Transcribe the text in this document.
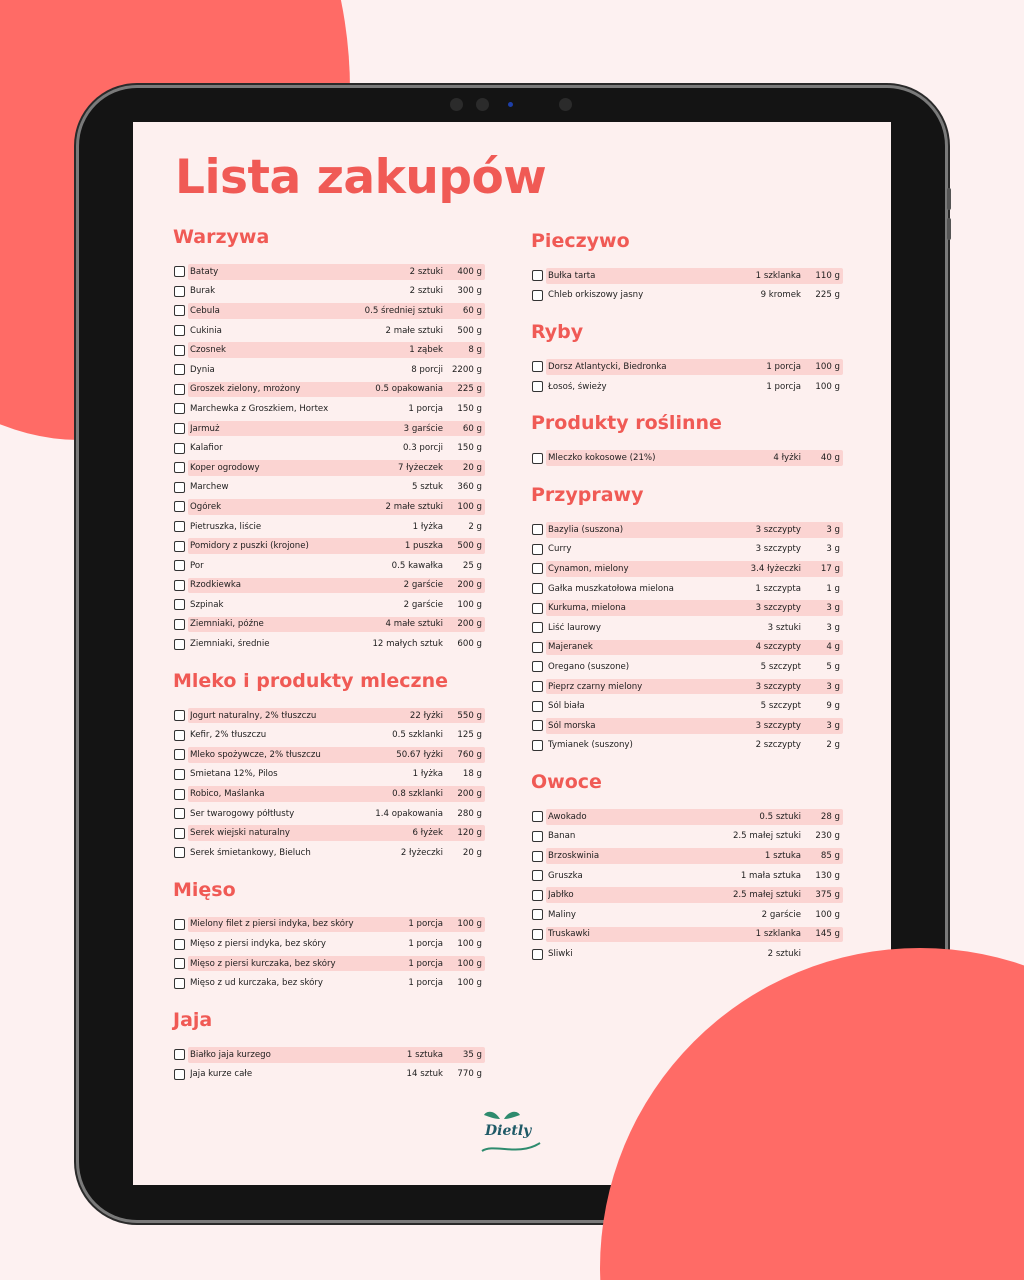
Lista zakupów
Warzywa
Bataty	2 sztuki	400 g
Burak	2 sztuki	300 g
Cebula	0.5 średniej sztuki	60 g
Cukinia	2 małe sztuki	500 g
Czosnek	1 ząbek	8 g
Dynia	8 porcji	2200 g
Groszek zielony, mrożony	0.5 opakowania	225 g
Marchewka z Groszkiem, Hortex	1 porcja	150 g
Jarmuż	3 garście	60 g
Kalafior	0.3 porcji	150 g
Koper ogrodowy	7 łyżeczek	20 g
Marchew	5 sztuk	360 g
Ogórek	2 małe sztuki	100 g
Pietruszka, liście	1 łyżka	2 g
Pomidory z puszki (krojone)	1 puszka	500 g
Por	0.5 kawałka	25 g
Rzodkiewka	2 garście	200 g
Szpinak	2 garście	100 g
Ziemniaki, późne	4 małe sztuki	200 g
Ziemniaki, średnie	12 małych sztuk	600 g
Mleko i produkty mleczne
Jogurt naturalny, 2% tłuszczu	22 łyżki	550 g
Kefir, 2% tłuszczu	0.5 szklanki	125 g
Mleko spożywcze, 2% tłuszczu	50.67 łyżki	760 g
Śmietana 12%, Pilos	1 łyżka	18 g
Robico, Maślanka	0.8 szklanki	200 g
Ser twarogowy półtłusty	1.4 opakowania	280 g
Serek wiejski naturalny	6 łyżek	120 g
Serek śmietankowy, Bieluch	2 łyżeczki	20 g
Mięso
Mielony filet z piersi indyka, bez skóry	1 porcja	100 g
Mięso z piersi indyka, bez skóry	1 porcja	100 g
Mięso z piersi kurczaka, bez skóry	1 porcja	100 g
Mięso z ud kurczaka, bez skóry	1 porcja	100 g
Jaja
Białko jaja kurzego	1 sztuka	35 g
Jaja kurze całe	14 sztuk	770 g
Pieczywo
Bułka tarta	1 szklanka	110 g
Chleb orkiszowy jasny	9 kromek	225 g
Ryby
Dorsz Atlantycki, Biedronka	1 porcja	100 g
Łosoś, świeży	1 porcja	100 g
Produkty roślinne
Mleczko kokosowe (21%)	4 łyżki	40 g
Przyprawy
Bazylia (suszona)	3 szczypty	3 g
Curry	3 szczypty	3 g
Cynamon, mielony	3.4 łyżeczki	17 g
Gałka muszkatołowa mielona	1 szczypta	1 g
Kurkuma, mielona	3 szczypty	3 g
Liść laurowy	3 sztuki	3 g
Majeranek	4 szczypty	4 g
Oregano (suszone)	5 szczypt	5 g
Pieprz czarny mielony	3 szczypty	3 g
Sól biała	5 szczypt	9 g
Sól morska	3 szczypty	3 g
Tymianek (suszony)	2 szczypty	2 g
Owoce
Awokado	0.5 sztuki	28 g
Banan	2.5 małej sztuki	230 g
Brzoskwinia	1 sztuka	85 g
Gruszka	1 mała sztuka	130 g
Jabłko	2.5 małej sztuki	375 g
Maliny	2 garście	100 g
Truskawki	1 szklanka	145 g
Śliwki	2 sztuki
Dietly
